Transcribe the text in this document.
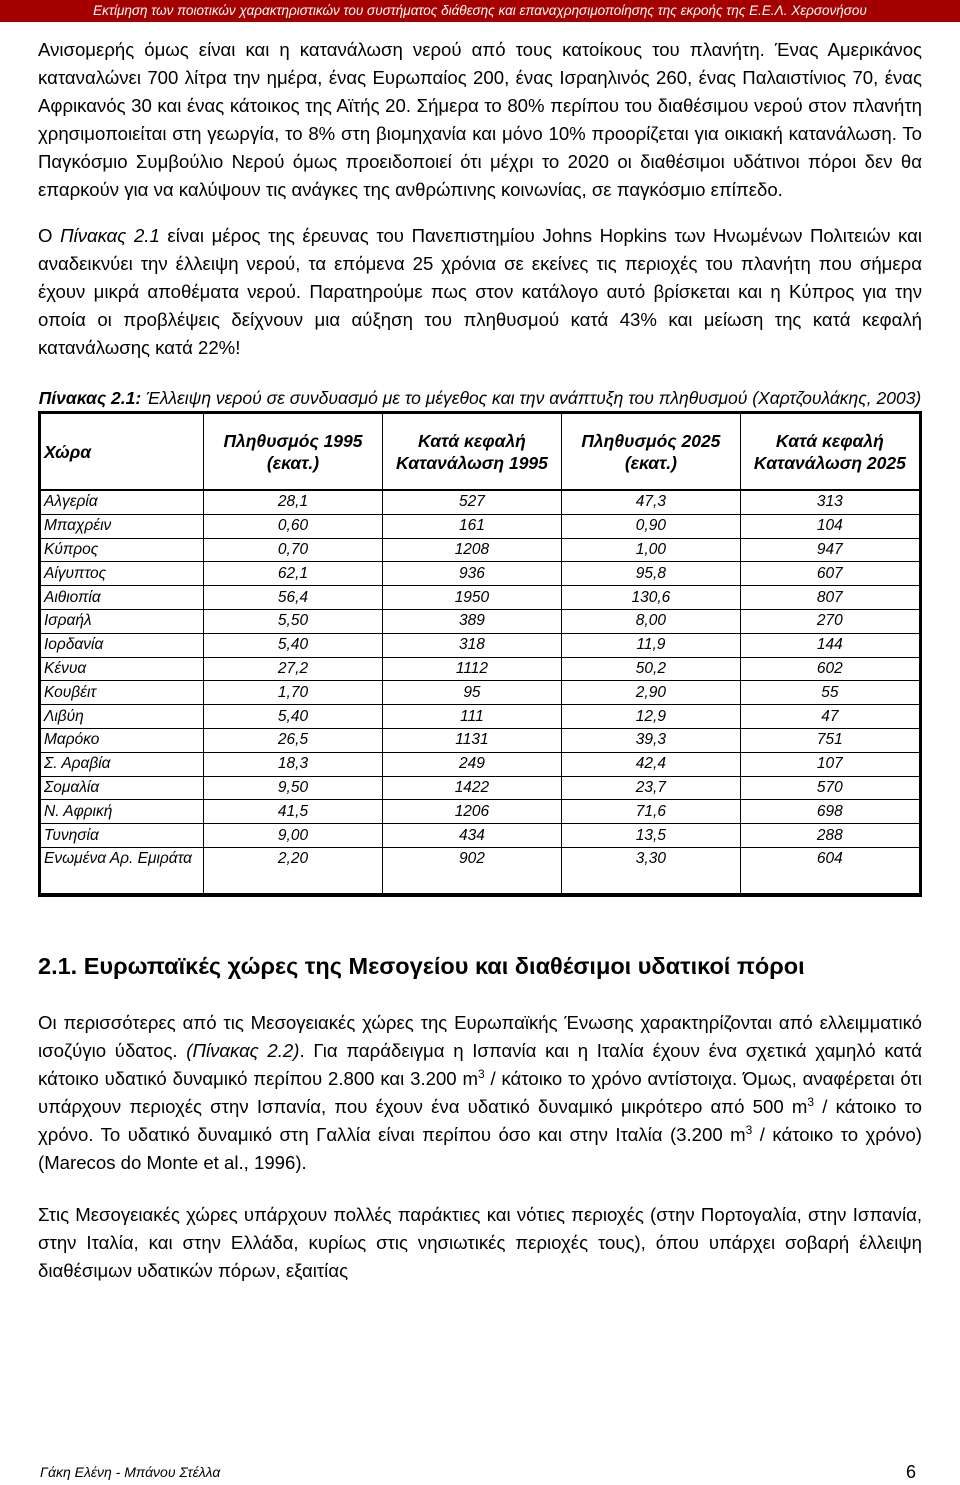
Εκτίμηση των ποιοτικών χαρακτηριστικών του συστήματος διάθεσης και επαναχρησιμοποίησης της εκροής της Ε.Ε.Λ. Χερσονήσου

Ανισομερής όμως είναι και η κατανάλωση νερού από τους κατοίκους του πλανήτη. Ένας Αμερικάνος καταναλώνει 700 λίτρα την ημέρα, ένας Ευρωπαίος 200, ένας Ισραηλινός 260, ένας Παλαιστίνιος 70, ένας Αφρικανός 30 και ένας κάτοικος της Αϊτής 20. Σήμερα το 80% περίπου του διαθέσιμου νερού στον πλανήτη χρησιμοποιείται στη γεωργία, το 8% στη βιομηχανία και μόνο 10% προορίζεται για οικιακή κατανάλωση. Το Παγκόσμιο Συμβούλιο Νερού όμως προειδοποιεί ότι μέχρι το 2020 οι διαθέσιμοι υδάτινοι πόροι δεν θα επαρκούν για να καλύψουν τις ανάγκες της ανθρώπινης κοινωνίας, σε παγκόσμιο επίπεδο.

Ο Πίνακας 2.1 είναι μέρος της έρευνας του Πανεπιστημίου Johns Hopkins των Ηνωμένων Πολιτειών και αναδεικνύει την έλλειψη νερού, τα επόμενα 25 χρόνια σε εκείνες τις περιοχές του πλανήτη που σήμερα έχουν μικρά αποθέματα νερού. Παρατηρούμε πως στον κατάλογο αυτό βρίσκεται και η Κύπρος για την οποία οι προβλέψεις δείχνουν μια αύξηση του πληθυσμού κατά 43% και μείωση της κατά κεφαλή κατανάλωσης κατά 22%!

Πίνακας 2.1: Έλλειψη νερού σε συνδυασμό με το μέγεθος και την ανάπτυξη του πληθυσμού (Χαρτζουλάκης, 2003)

Χώρα	Πληθυσμός 1995 (εκατ.)	Κατά κεφαλή Κατανάλωση 1995	Πληθυσμός 2025 (εκατ.)	Κατά κεφαλή Κατανάλωση 2025
Αλγερία	28,1	527	47,3	313
Μπαχρέιν	0,60	161	0,90	104
Κύπρος	0,70	1208	1,00	947
Αίγυπτος	62,1	936	95,8	607
Αιθιοπία	56,4	1950	130,6	807
Ισραήλ	5,50	389	8,00	270
Ιορδανία	5,40	318	11,9	144
Κένυα	27,2	1112	50,2	602
Κουβέιτ	1,70	95	2,90	55
Λιβύη	5,40	111	12,9	47
Μαρόκο	26,5	1131	39,3	751
Σ. Αραβία	18,3	249	42,4	107
Σομαλία	9,50	1422	23,7	570
Ν. Αφρική	41,5	1206	71,6	698
Τυνησία	9,00	434	13,5	288
Ενωμένα Αρ. Εμιράτα	2,20	902	3,30	604
2.1. Ευρωπαϊκές χώρες της Μεσογείου και διαθέσιμοι υδατικοί πόροι

Οι περισσότερες από τις Μεσογειακές χώρες της Ευρωπαϊκής Ένωσης χαρακτηρίζονται από ελλειμματικό ισοζύγιο ύδατος. (Πίνακας 2.2). Για παράδειγμα η Ισπανία και η Ιταλία έχουν ένα σχετικά χαμηλό κατά κάτοικο υδατικό δυναμικό περίπου 2.800 και 3.200 $m^3$ / κάτοικο το χρόνο αντίστοιχα. Όμως, αναφέρεται ότι υπάρχουν περιοχές στην Ισπανία, που έχουν ένα υδατικό δυναμικό μικρότερο από 500 $m^3$ / κάτοικο το χρόνο. Το υδατικό δυναμικό στη Γαλλία είναι περίπου όσο και στην Ιταλία (3.200 $m^3$ / κάτοικο το χρόνο) (Marecos do Monte et al., 1996).

Στις Μεσογειακές χώρες υπάρχουν πολλές παράκτιες και νότιες περιοχές (στην Πορτογαλία, στην Ισπανία, στην Ιταλία, και στην Ελλάδα, κυρίως στις νησιωτικές περιοχές τους), όπου υπάρχει σοβαρή έλλειψη διαθέσιμων υδατικών πόρων, εξαιτίας

Γάκη Ελένη - Μπάνου Στέλλα	6
